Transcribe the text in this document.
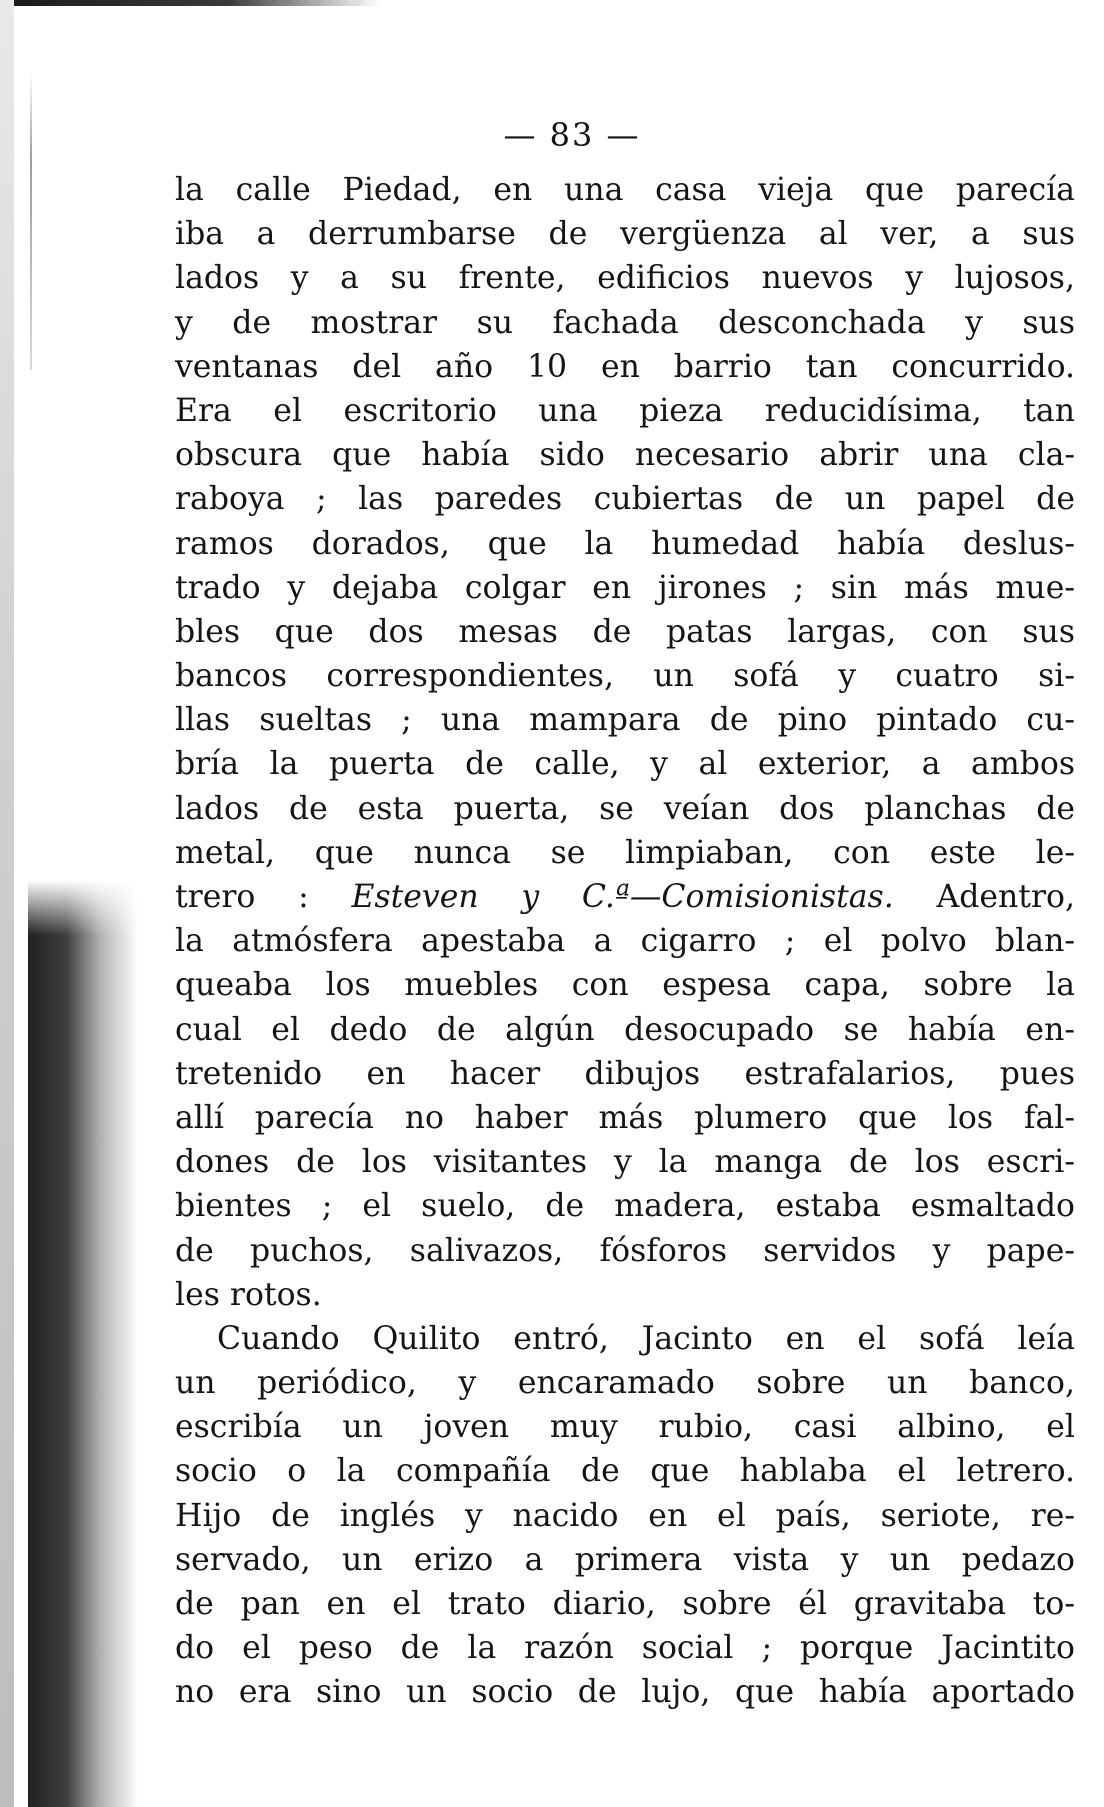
— 83 —
la calle Piedad, en una casa vieja que parecía
iba a derrumbarse de vergüenza al ver, a sus
lados y a su frente, edificios nuevos y lujosos,
y de mostrar su fachada desconchada y sus
ventanas del año 10 en barrio tan concurrido.
Era el escritorio una pieza reducidísima, tan
obscura que había sido necesario abrir una cla-
raboya ; las paredes cubiertas de un papel de
ramos dorados, que la humedad había deslus-
trado y dejaba colgar en jirones ; sin más mue-
bles que dos mesas de patas largas, con sus
bancos correspondientes, un sofá y cuatro si-
llas sueltas ; una mampara de pino pintado cu-
bría la puerta de calle, y al exterior, a ambos
lados de esta puerta, se veían dos planchas de
metal, que nunca se limpiaban, con este le-
trero : Esteven y C.ª—Comisionistas. Adentro,
la atmósfera apestaba a cigarro ; el polvo blan-
queaba los muebles con espesa capa, sobre la
cual el dedo de algún desocupado se había en-
tretenido en hacer dibujos estrafalarios, pues
allí parecía no haber más plumero que los fal-
dones de los visitantes y la manga de los escri-
bientes ; el suelo, de madera, estaba esmaltado
de puchos, salivazos, fósforos servidos y pape-
les rotos.
Cuando Quilito entró, Jacinto en el sofá leía
un periódico, y encaramado sobre un banco,
escribía un joven muy rubio, casi albino, el
socio o la compañía de que hablaba el letrero.
Hijo de inglés y nacido en el país, seriote, re-
servado, un erizo a primera vista y un pedazo
de pan en el trato diario, sobre él gravitaba to-
do el peso de la razón social ; porque Jacintito
no era sino un socio de lujo, que había aportado
